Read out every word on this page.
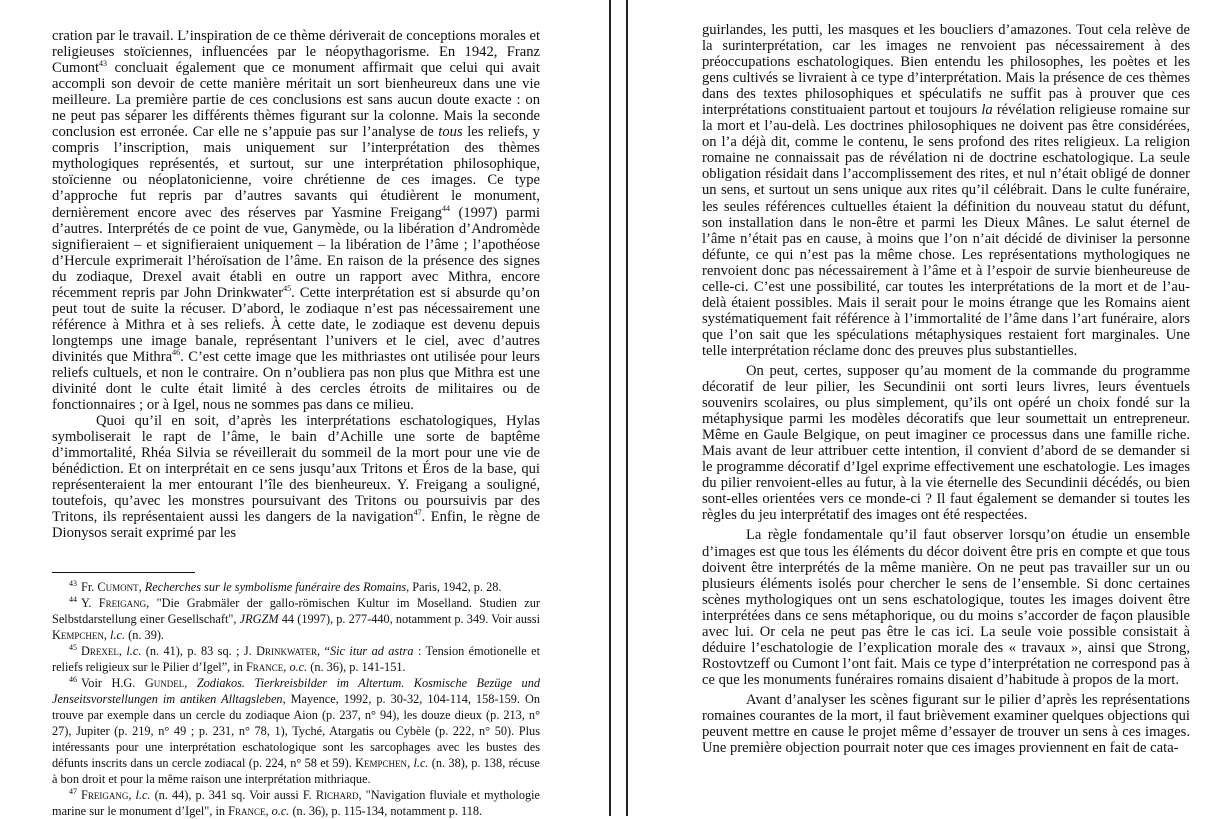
cration par le travail. L’inspiration de ce thème dériverait de conceptions morales et religieuses stoïciennes, influencées par le néopythagorisme. En 1942, Franz Cumont$^{43}$ concluait également que ce monument affirmait que celui qui avait accompli son devoir de cette manière méritait un sort bienheureux dans une vie meilleure. La première partie de ces conclusions est sans aucun doute exacte : on ne peut pas séparer les différents thèmes figurant sur la colonne. Mais la seconde conclusion est erronée. Car elle ne s’appuie pas sur l’analyse de tous les reliefs, y compris l’inscription, mais uniquement sur l’interprétation des thèmes mythologiques représentés, et surtout, sur une interprétation philosophique, stoïcienne ou néoplatonicienne, voire chrétienne de ces images. Ce type d’approche fut repris par d’autres savants qui étudièrent le monument, dernièrement encore avec des réserves par Yasmine Freigang$^{44}$ (1997) parmi d’autres. Interprétés de ce point de vue, Ganymède, ou la libération d’Andromède signifieraient – et signifieraient uniquement – la libération de l’âme ; l’apothéose d’Hercule exprimerait l’héroïsation de l’âme. En raison de la présence des signes du zodiaque, Drexel avait établi en outre un rapport avec Mithra, encore récemment repris par John Drinkwater$^{45}$. Cette interprétation est si absurde qu’on peut tout de suite la récuser. D’abord, le zodiaque n’est pas nécessairement une référence à Mithra et à ses reliefs. À cette date, le zodiaque est devenu depuis longtemps une image banale, représentant l’univers et le ciel, avec d’autres divinités que Mithra$^{46}$. C’est cette image que les mithriastes ont utilisée pour leurs reliefs cultuels, et non le contraire. On n’oubliera pas non plus que Mithra est une divinité dont le culte était limité à des cercles étroits de militaires ou de fonctionnaires ; or à Igel, nous ne sommes pas dans ce milieu.

Quoi qu’il en soit, d’après les interprétations eschatologiques, Hylas symboliserait le rapt de l’âme, le bain d’Achille une sorte de baptême d’immortalité, Rhéa Silvia se réveillerait du sommeil de la mort pour une vie de bénédiction. Et on interprétait en ce sens jusqu’aux Tritons et Éros de la base, qui représenteraient la mer entourant l’île des bienheureux. Y. Freigang a souligné, toutefois, qu’avec les monstres poursuivant des Tritons ou poursuivis par des Tritons, ils représentaient aussi les dangers de la navigation$^{47}$. Enfin, le règne de Dionysos serait exprimé par les

$^{43}$ Fr. Cumont, Recherches sur le symbolisme funéraire des Romains, Paris, 1942, p. 28.

$^{44}$ Y. Freigang, "Die Grabmäler der gallo-römischen Kultur im Moselland. Studien zur Selbstdarstellung einer Gesellschaft", JRGZM 44 (1997), p. 277-440, notamment p. 349. Voir aussi Kempchen, l.c. (n. 39).

$^{45}$ Drexel, l.c. (n. 41), p. 83 sq. ; J. Drinkwater, “Sic itur ad astra : Tension émotionelle et reliefs religieux sur le Pilier d’Igel”, in France, o.c. (n. 36), p. 141-151.

$^{46}$ Voir H.G. Gundel, Zodiakos. Tierkreisbilder im Altertum. Kosmische Bezüge und Jenseitsvorstellungen im antiken Alltagsleben, Mayence, 1992, p. 30-32, 104-114, 158-159. On trouve par exemple dans un cercle du zodiaque Aion (p. 237, n° 94), les douze dieux (p. 213, n° 27), Jupiter (p. 219, n° 49 ; p. 231, n° 78, 1), Tyché, Atargatis ou Cybèle (p. 222, n° 50). Plus intéressants pour une interprétation eschatologique sont les sarcophages avec les bustes des défunts inscrits dans un cercle zodiacal (p. 224, n° 58 et 59). Kempchen, l.c. (n. 38), p. 138, récuse à bon droit et pour la même raison une interprétation mithriaque.

$^{47}$ Freigang, l.c. (n. 44), p. 341 sq. Voir aussi F. Richard, "Navigation fluviale et mythologie marine sur le monument d’Igel", in France, o.c. (n. 36), p. 115-134, notamment p. 118.

guirlandes, les putti, les masques et les boucliers d’amazones. Tout cela relève de la surinterprétation, car les images ne renvoient pas nécessairement à des préoccupations eschatologiques. Bien entendu les philosophes, les poètes et les gens cultivés se livraient à ce type d’interprétation. Mais la présence de ces thèmes dans des textes philosophiques et spéculatifs ne suffit pas à prouver que ces interprétations constituaient partout et toujours la révélation religieuse romaine sur la mort et l’au-delà. Les doctrines philosophiques ne doivent pas être considérées, on l’a déjà dit, comme le contenu, le sens profond des rites religieux. La religion romaine ne connaissait pas de révélation ni de doctrine eschatologique. La seule obligation résidait dans l’accomplissement des rites, et nul n’était obligé de donner un sens, et surtout un sens unique aux rites qu’il célébrait. Dans le culte funéraire, les seules références cultuelles étaient la définition du nouveau statut du défunt, son installation dans le non-être et parmi les Dieux Mânes. Le salut éternel de l’âme n’était pas en cause, à moins que l’on n’ait décidé de diviniser la personne défunte, ce qui n’est pas la même chose. Les représentations mythologiques ne renvoient donc pas nécessairement à l’âme et à l’espoir de survie bienheureuse de celle-ci. C’est une possibilité, car toutes les interprétations de la mort et de l’au-delà étaient possibles. Mais il serait pour le moins étrange que les Romains aient systématiquement fait référence à l’immortalité de l’âme dans l’art funéraire, alors que l’on sait que les spéculations métaphysiques restaient fort marginales. Une telle interprétation réclame donc des preuves plus substantielles.

On peut, certes, supposer qu’au moment de la commande du programme décoratif de leur pilier, les Secundinii ont sorti leurs livres, leurs éventuels souvenirs scolaires, ou plus simplement, qu’ils ont opéré un choix fondé sur la métaphysique parmi les modèles décoratifs que leur soumettait un entrepreneur. Même en Gaule Belgique, on peut imaginer ce processus dans une famille riche. Mais avant de leur attribuer cette intention, il convient d’abord de se demander si le programme décoratif d’Igel exprime effectivement une eschatologie. Les images du pilier renvoient-elles au futur, à la vie éternelle des Secundinii décédés, ou bien sont-elles orientées vers ce monde-ci ? Il faut également se demander si toutes les règles du jeu interprétatif des images ont été respectées.

La règle fondamentale qu’il faut observer lorsqu’on étudie un ensemble d’images est que tous les éléments du décor doivent être pris en compte et que tous doivent être interprétés de la même manière. On ne peut pas travailler sur un ou plusieurs éléments isolés pour chercher le sens de l’ensemble. Si donc certaines scènes mythologiques ont un sens eschatologique, toutes les images doivent être interprétées dans ce sens métaphorique, ou du moins s’accorder de façon plausible avec lui. Or cela ne peut pas être le cas ici. La seule voie possible consistait à déduire l’eschatologie de l’explication morale des « travaux », ainsi que Strong, Rostovtzeff ou Cumont l’ont fait. Mais ce type d’interprétation ne correspond pas à ce que les monuments funéraires romains disaient d’habitude à propos de la mort.

Avant d’analyser les scènes figurant sur le pilier d’après les représentations romaines courantes de la mort, il faut brièvement examiner quelques objections qui peuvent mettre en cause le projet même d’essayer de trouver un sens à ces images. Une première objection pourrait noter que ces images proviennent en fait de cata-
